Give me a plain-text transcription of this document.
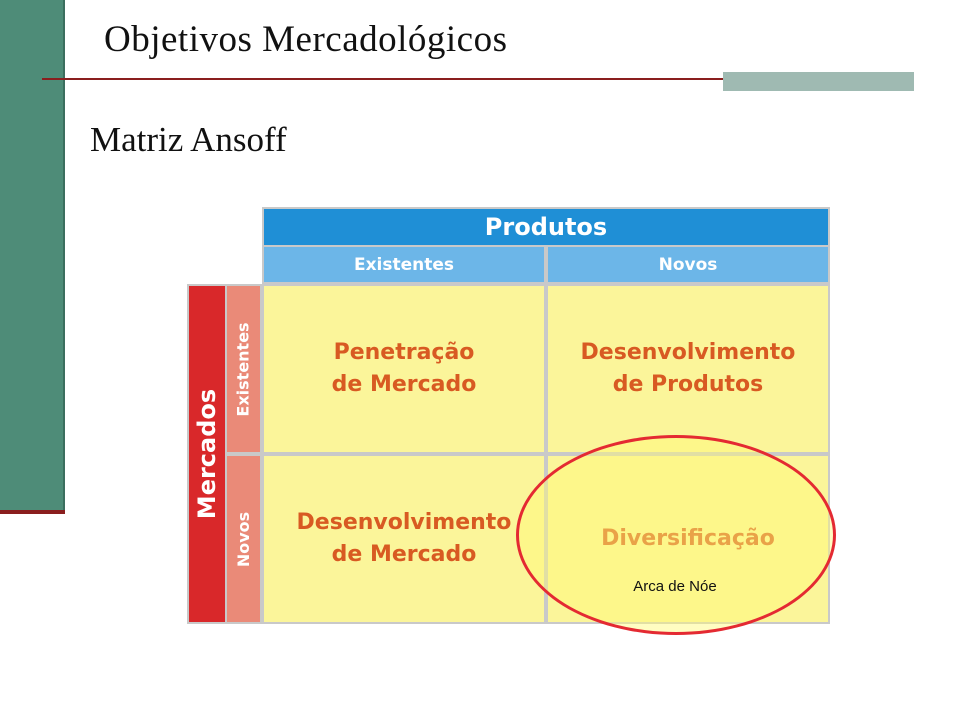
Objetivos Mercadológicos
Matriz Ansoff
Produtos
Existentes	Novos
Mercados
Existentes
Novos
Penetração
de Mercado
Desenvolvimento
de Produtos
Desenvolvimento
de Mercado
Diversificação
Arca de Nóe
